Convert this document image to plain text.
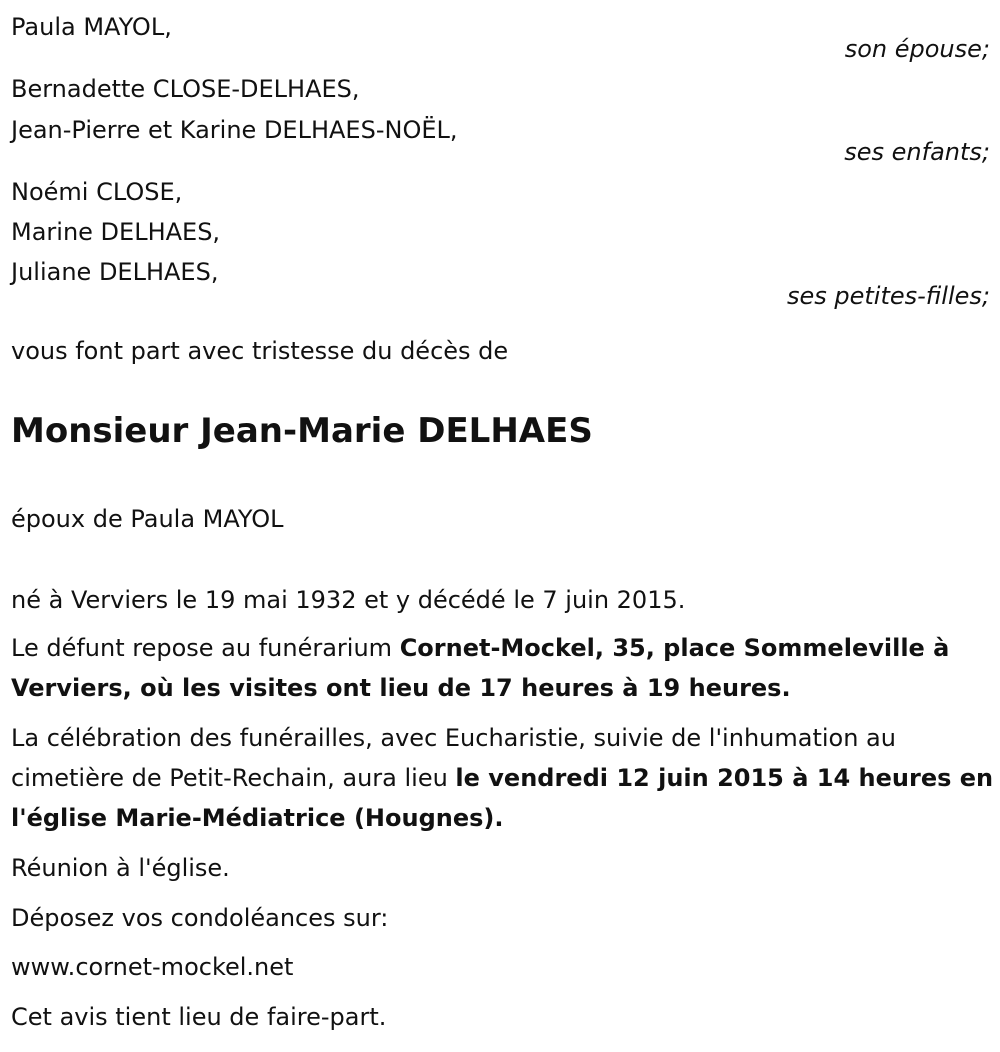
Paula MAYOL,
son épouse;
Bernadette CLOSE-DELHAES,
Jean-Pierre et Karine DELHAES-NOËL,
ses enfants;
Noémi CLOSE,
Marine DELHAES,
Juliane DELHAES,
ses petites-filles;
vous font part avec tristesse du décès de
Monsieur Jean-Marie DELHAES
époux de Paula MAYOL
né à Verviers le 19 mai 1932 et y décédé le 7 juin 2015.
Le défunt repose au funérarium Cornet-Mockel, 35, place Sommeleville à Verviers, où les visites ont lieu de 17 heures à 19 heures.
La célébration des funérailles, avec Eucharistie, suivie de l'inhumation au cimetière de Petit-Rechain, aura lieu le vendredi 12 juin 2015 à 14 heures en l'église Marie-Médiatrice (Hougnes).
Réunion à l'église.
Déposez vos condoléances sur:
www.cornet-mockel.net
Cet avis tient lieu de faire-part.
